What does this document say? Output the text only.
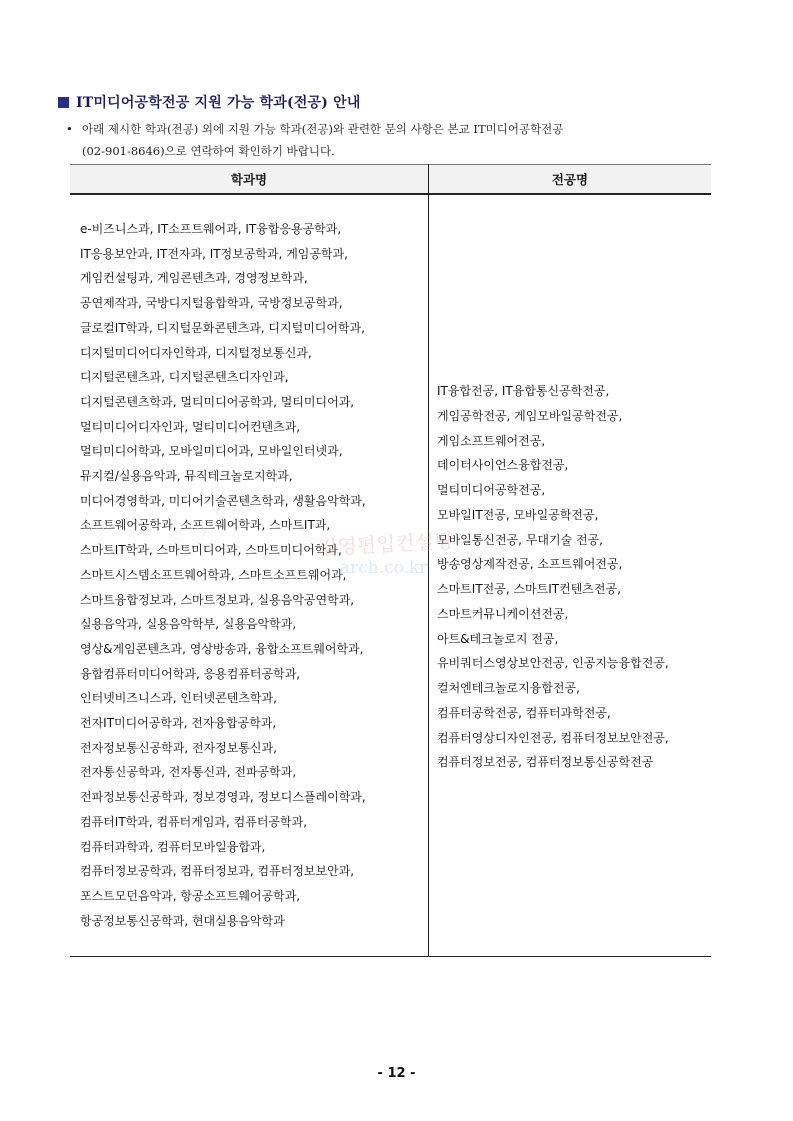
IT미디어공학전공 지원 가능 학과(전공) 안내
• 아래 제시한 학과(전공) 외에 지원 가능 학과(전공)와 관련한 문의 사항은 본교 IT미디어공학전공
(02-901-8646)으로 연락하여 확인하기 바랍니다.
학과명	전공명
e-비즈니스과, IT소프트웨어과, IT융합응용공학과,
IT응용보안과, IT전자과, IT정보공학과, 게임공학과,
게임컨설팅과, 게임콘텐츠과, 경영정보학과,
공연제작과, 국방디지털융합학과, 국방정보공학과,
글로컬IT학과, 디지털문화콘텐츠과, 디지털미디어학과,
디지털미디어디자인학과, 디지털정보통신과,
디지털콘텐츠과, 디지털콘텐츠디자인과,
디지털콘텐츠학과, 멀티미디어공학과, 멀티미디어과,
멀티미디어디자인과, 멀티미디어컨텐츠과,
멀티미디어학과, 모바일미디어과, 모바일인터넷과,
뮤지컬/실용음악과, 뮤직테크놀로지학과,
미디어경영학과, 미디어기술콘텐츠학과, 생활음악학과,
소프트웨어공학과, 소프트웨어학과, 스마트IT과,
스마트IT학과, 스마트미디어과, 스마트미디어학과,
스마트시스템소프트웨어학과, 스마트소프트웨어과,
스마트융합정보과, 스마트정보과, 실용음악공연학과,
실용음악과, 실용음악학부, 실용음악학과,
영상&게임콘텐츠과, 영상방송과, 융합소프트웨어학과,
융합컴퓨터미디어학과, 응용컴퓨터공학과,
인터넷비즈니스과, 인터넷콘텐츠학과,
전자IT미디어공학과, 전자융합공학과,
전자정보통신공학과, 전자정보통신과,
전자통신공학과, 전자통신과, 전파공학과,
전파정보통신공학과, 정보경영과, 정보디스플레이학과,
컴퓨터IT학과, 컴퓨터게임과, 컴퓨터공학과,
컴퓨터과학과, 컴퓨터모바일융합과,
컴퓨터정보공학과, 컴퓨터정보과, 컴퓨터정보보안과,
포스트모던음악과, 항공소프트웨어공학과,
항공정보통신공학과, 현대실용음악학과
IT융합전공, IT융합통신공학전공,
게임공학전공, 게임모바일공학전공,
게임소프트웨어전공,
데이터사이언스융합전공,
멀티미디어공학전공,
모바일IT전공, 모바일공학전공,
모바일통신전공, 무대기술 전공,
방송영상제작전공, 소프트웨어전공,
스마트IT전공, 스마트IT컨텐츠전공,
스마트커뮤니케이션전공,
아트&테크놀로지 전공,
유비쿼터스영상보안전공, 인공지능융합전공,
컬처엔테크놀로지융합전공,
컴퓨터공학전공, 컴퓨터과학전공,
컴퓨터영상디자인전공, 컴퓨터정보보안전공,
컴퓨터정보전공, 컴퓨터정보통신공학전공
김영편입컨설팅
arch.co.kr
- 12 -
